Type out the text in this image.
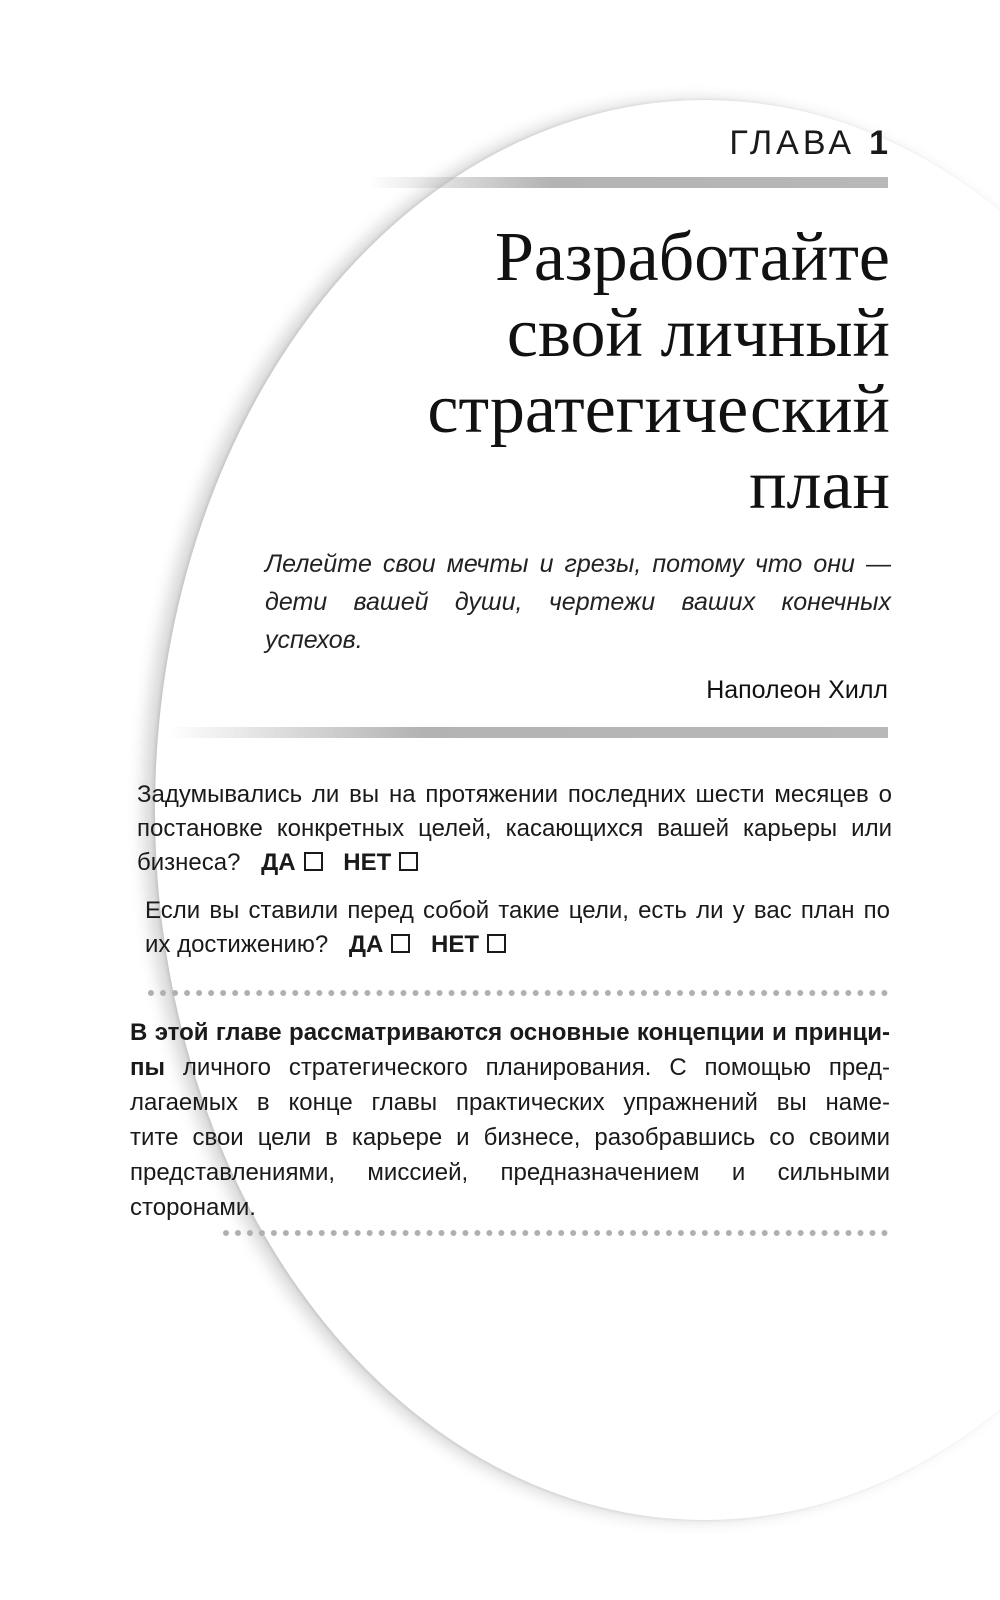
ГЛАВА 1
Разработайте
свой личный
стратегический
план
Лелейте свои мечты и грезы, потому что они — дети вашей души, чертежи ваших конечных успехов.
Наполеон Хилл
Задумывались ли вы на протяжении последних шести месяцев о постановке конкретных целей, касающихся вашей карьеры или бизнеса? ДА НЕТ
Если вы ставили перед собой такие цели, есть ли у вас план по их достижению? ДА НЕТ
В этой главе рассматриваются основные концепции и принци-
пы личного стратегического планирования. С помощью пред-
лагаемых в конце главы практических упражнений вы наме-
тите свои цели в карьере и бизнесе, разобравшись со своими
представлениями, миссией, предназначением и сильными
сторонами.
